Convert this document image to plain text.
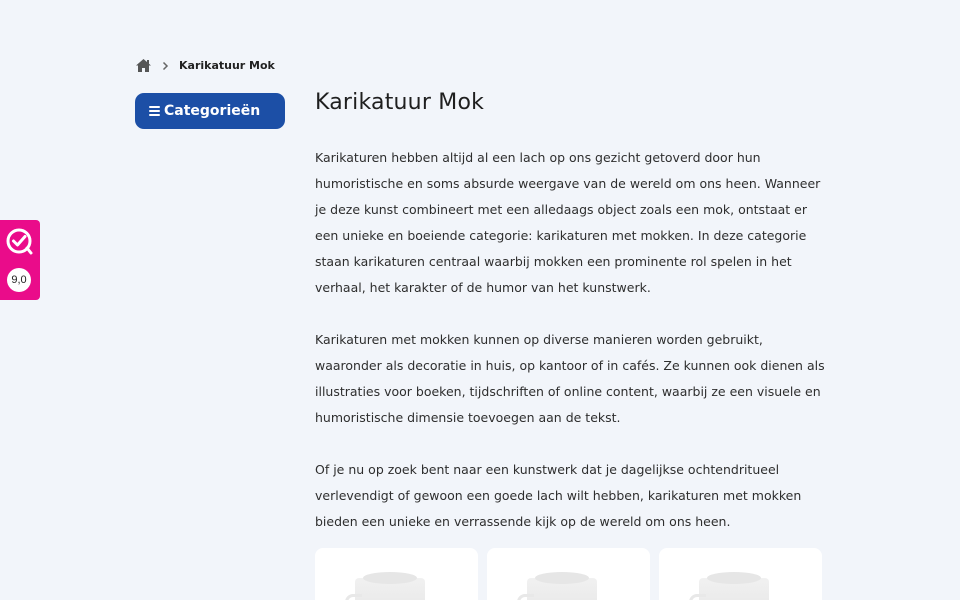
Karikatuur Mok
Categorieën
9,0
Karikatuur Mok

Karikaturen hebben altijd al een lach op ons gezicht getoverd door hun humoristische en soms absurde weergave van de wereld om ons heen. Wanneer je deze kunst combineert met een alledaags object zoals een mok, ontstaat er een unieke en boeiende categorie: karikaturen met mokken. In deze categorie staan karikaturen centraal waarbij mokken een prominente rol spelen in het verhaal, het karakter of de humor van het kunstwerk.

Karikaturen met mokken kunnen op diverse manieren worden gebruikt, waaronder als decoratie in huis, op kantoor of in cafés. Ze kunnen ook dienen als illustraties voor boeken, tijdschriften of online content, waarbij ze een visuele en humoristische dimensie toevoegen aan de tekst.

Of je nu op zoek bent naar een kunstwerk dat je dagelijkse ochtendritueel verlevendigt of gewoon een goede lach wilt hebben, karikaturen met mokken bieden een unieke en verrassende kijk op de wereld om ons heen.
